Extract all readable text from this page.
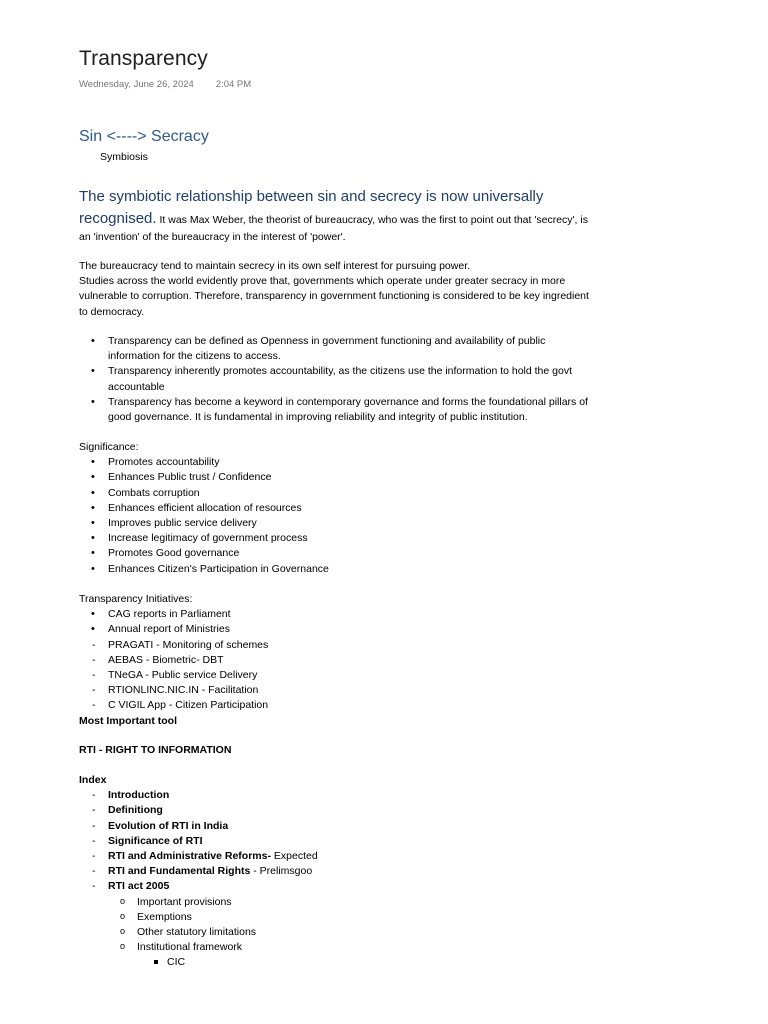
Transparency
Wednesday, June 26, 2024 2:04 PM
Sin <----> Secracy
Symbiosis
The symbiotic relationship between sin and secrecy is now universally recognised. It was Max Weber, the theorist of bureaucracy, who was the first to point out that 'secrecy', is an 'invention' of the bureaucracy in the interest of 'power'.

The bureaucracy tend to maintain secrecy in its own self interest for pursuing power.
Studies across the world evidently prove that, governments which operate under greater secracy in more vulnerable to corruption. Therefore, transparency in government functioning is considered to be key ingredient to democracy.

• Transparency can be defined as Openness in government functioning and availability of public information for the citizens to access.
• Transparency inherently promotes accountability, as the citizens use the information to hold the govt accountable
• Transparency has become a keyword in contemporary governance and forms the foundational pillars of good governance. It is fundamental in improving reliability and integrity of public institution.
Significance:
• Promotes accountability
• Enhances Public trust / Confidence
• Combats corruption
• Enhances efficient allocation of resources
• Improves public service delivery
• Increase legitimacy of government process
• Promotes Good governance
• Enhances Citizen's Participation in Governance
Transparency Initiatives:
• CAG reports in Parliament
• Annual report of Ministries
- PRAGATI - Monitoring of schemes
- AEBAS - Biometric- DBT
- TNeGA - Public service Delivery
- RTIONLINC.NIC.IN - Facilitation
- C VIGIL App - Citizen Participation
Most Important tool
RTI - RIGHT TO INFORMATION
Index
- Introduction
- Definitiong
- Evolution of RTI in India
- Significance of RTI
- RTI and Administrative Reforms- Expected
- RTI and Fundamental Rights - Prelimsgoo
- RTI act 2005
o Important provisions
o Exemptions
o Other statutory limitations
o Institutional framework
CIC
